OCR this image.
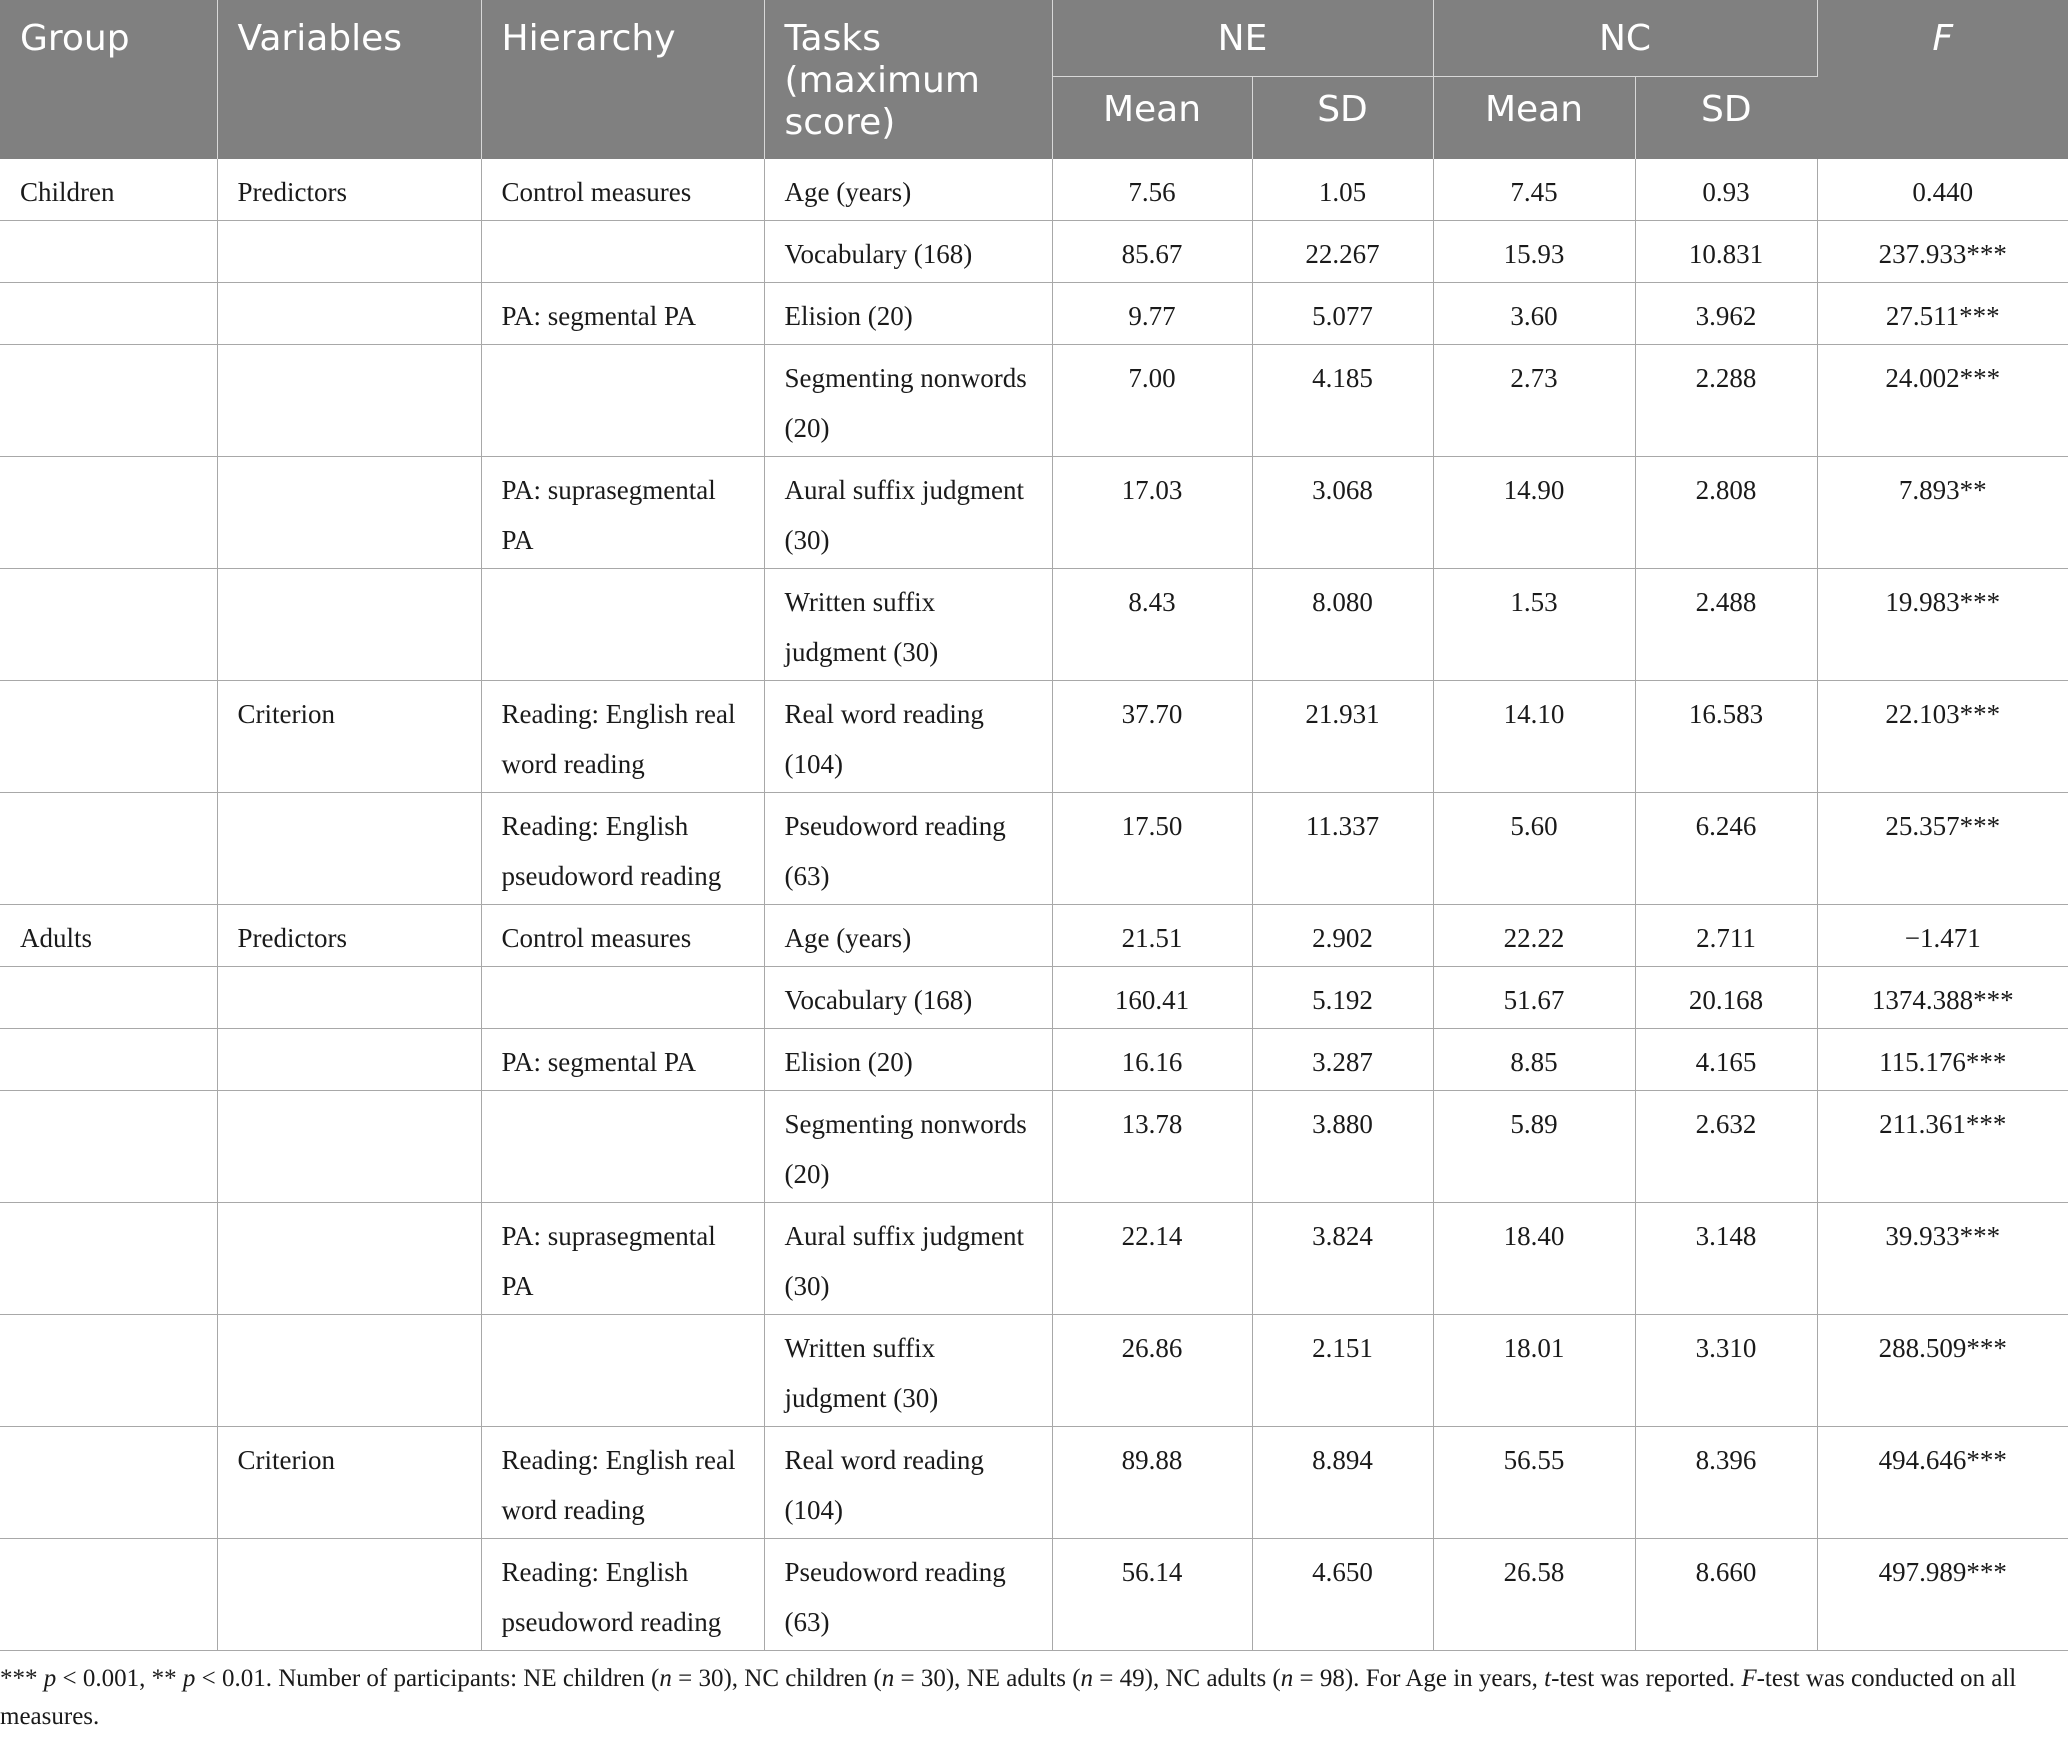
Group	Variables	Hierarchy	Tasks (maximum score)	NE		NC		F
				Mean	SD	Mean	SD	
Children	Predictors	Control measures	Age (years)	7.56	1.05	7.45	0.93	0.440
			Vocabulary (168)	85.67	22.267	15.93	10.831	237.933***
		PA: segmental PA	Elision (20)	9.77	5.077	3.60	3.962	27.511***
			Segmenting nonwords (20)	7.00	4.185	2.73	2.288	24.002***
		PA: suprasegmental PA	Aural suffix judgment (30)	17.03	3.068	14.90	2.808	7.893**
			Written suffix judgment (30)	8.43	8.080	1.53	2.488	19.983***
	Criterion	Reading: English real word reading	Real word reading (104)	37.70	21.931	14.10	16.583	22.103***
		Reading: English pseudoword reading	Pseudoword reading (63)	17.50	11.337	5.60	6.246	25.357***
Adults	Predictors	Control measures	Age (years)	21.51	2.902	22.22	2.711	−1.471
			Vocabulary (168)	160.41	5.192	51.67	20.168	1374.388***
		PA: segmental PA	Elision (20)	16.16	3.287	8.85	4.165	115.176***
			Segmenting nonwords (20)	13.78	3.880	5.89	2.632	211.361***
		PA: suprasegmental PA	Aural suffix judgment (30)	22.14	3.824	18.40	3.148	39.933***
			Written suffix judgment (30)	26.86	2.151	18.01	3.310	288.509***
	Criterion	Reading: English real word reading	Real word reading (104)	89.88	8.894	56.55	8.396	494.646***
		Reading: English pseudoword reading	Pseudoword reading (63)	56.14	4.650	26.58	8.660	497.989***
*** p < 0.001, ** p < 0.01. Number of participants: NE children (n = 30), NC children (n = 30), NE adults (n = 49), NC adults (n = 98). For Age in years, t-test was reported. F-test was conducted on all measures.
